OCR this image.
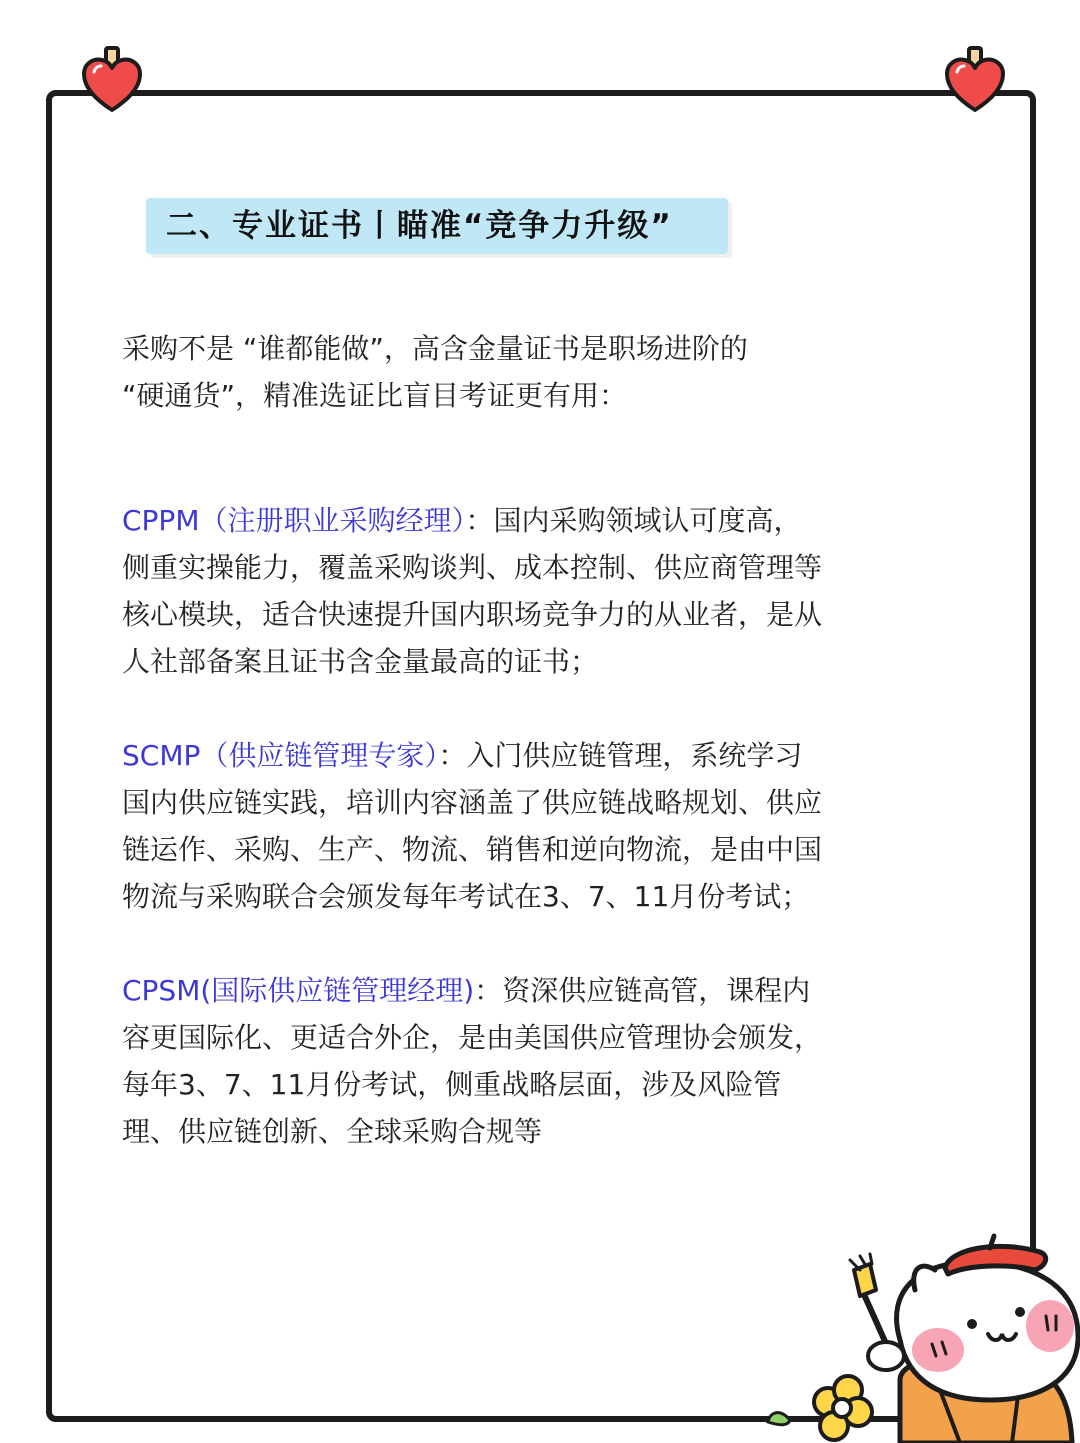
二、专业证书丨瞄准“竞争力升级”

采购不是 “谁都能做”，高含金量证书是职场进阶的
“硬通货”，精准选证比盲目考证更有用：

CPPM（注册职业采购经理）：国内采购领域认可度高，
侧重实操能力，覆盖采购谈判、成本控制、供应商管理等
核心模块，适合快速提升国内职场竞争力的从业者，是从
人社部备案且证书含金量最高的证书；

SCMP（供应链管理专家）：入门供应链管理，系统学习
国内供应链实践，培训内容涵盖了供应链战略规划、供应
链运作、采购、生产、物流、销售和逆向物流，是由中国
物流与采购联合会颁发每年考试在3、7、11月份考试；

CPSM(国际供应链管理经理)：资深供应链高管，课程内
容更国际化、更适合外企，是由美国供应管理协会颁发，
每年3、7、11月份考试，侧重战略层面，涉及风险管
理、供应链创新、全球采购合规等
